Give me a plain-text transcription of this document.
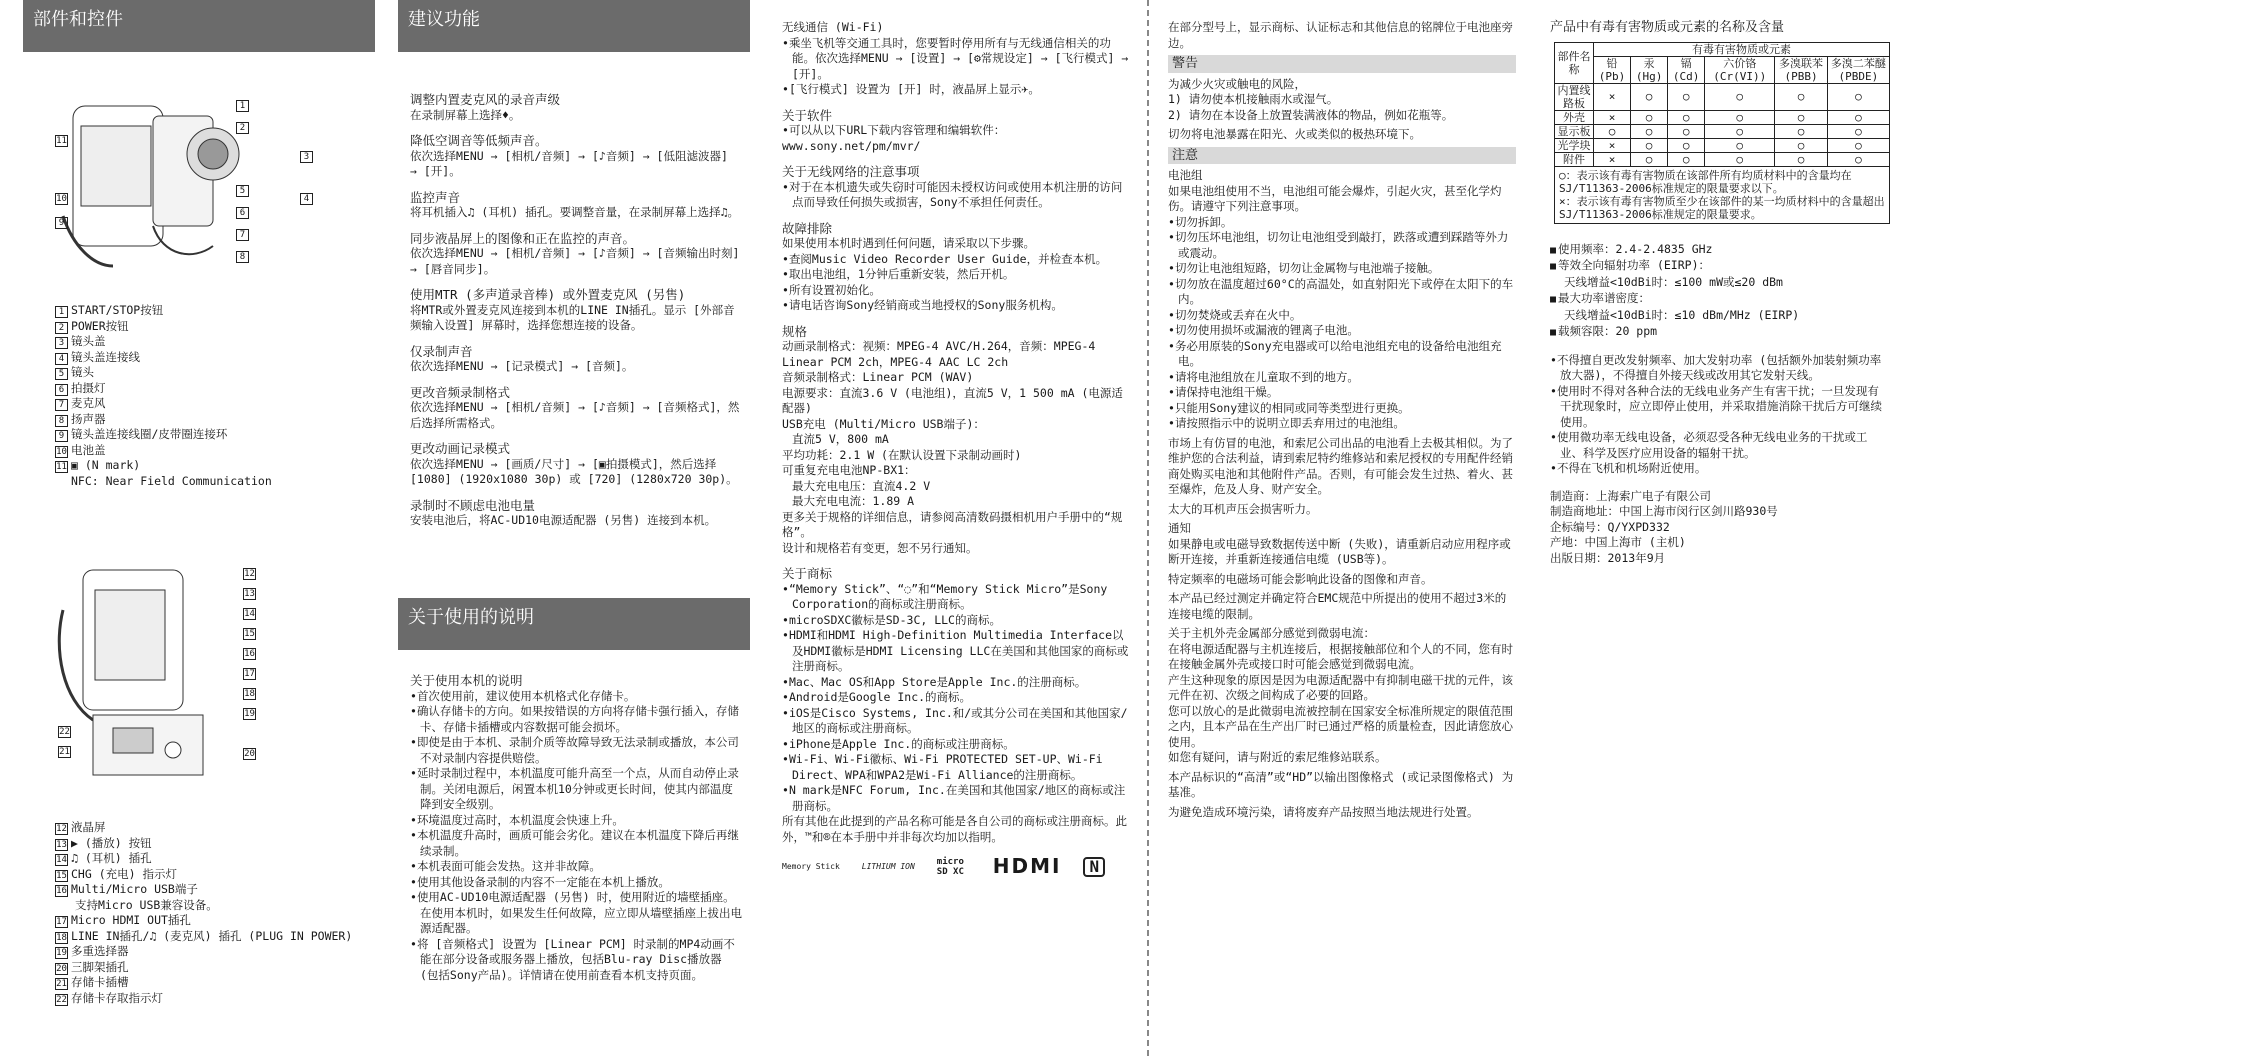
部件和控件
1
2
3
4
5
6
7
8
11
10
9
1 START/STOP按钮
2 POWER按钮
3 镜头盖
4 镜头盖连接线
5 镜头
6 拍摄灯
7 麦克风
8 扬声器
9 镜头盖连接线圈/皮带圈连接环
10 电池盖
11 ▣ (N mark)
NFC: Near Field Communication
12
13
14
15
16
17
18
19
20
22
21
12 液晶屏
13 ▶ (播放) 按钮
14 ♫ (耳机) 插孔
15 CHG (充电) 指示灯
16 Multi/Micro USB端子
支持Micro USB兼容设备。
17 Micro HDMI OUT插孔
18 LINE IN插孔/♫ (麦克风) 插孔 (PLUG IN POWER)
19 多重选择器
20 三脚架插孔
21 存储卡插槽
22 存储卡存取指示灯
建议功能
调整内置麦克风的录音声级

在录制屏幕上选择♦。

降低空调音等低频声音。

依次选择MENU → [相机/音频] → [♪音频] → [低阻滤波器] → [开]。

监控声音

将耳机插入♫ (耳机) 插孔。要调整音量，在录制屏幕上选择♫。

同步液晶屏上的图像和正在监控的声音。

依次选择MENU → [相机/音频] → [♪音频] → [音频输出时刻] → [唇音同步]。

使用MTR (多声道录音棒) 或外置麦克风 (另售)

将MTR或外置麦克风连接到本机的LINE IN插孔。显示 [外部音频输入设置] 屏幕时，选择您想连接的设备。

仅录制声音

依次选择MENU → [记录模式] → [音频]。

更改音频录制格式

依次选择MENU → [相机/音频] → [♪音频] → [音频格式]，然后选择所需格式。

更改动画记录模式

依次选择MENU → [画质/尺寸] → [▣拍摄模式]，然后选择 [1080] (1920x1080 30p) 或 [720] (1280x720 30p)。

录制时不顾虑电池电量

安装电池后，将AC-UD10电源适配器 (另售) 连接到本机。

关于使用的说明
关于使用本机的说明
• 首次使用前，建议使用本机格式化存储卡。
• 确认存储卡的方向。如果按错误的方向将存储卡强行插入，存储卡、存储卡插槽或内容数据可能会损坏。
• 即使是由于本机、录制介质等故障导致无法录制或播放，本公司不对录制内容提供赔偿。
• 延时录制过程中，本机温度可能升高至一个点，从而自动停止录制。关闭电源后，闲置本机10分钟或更长时间，使其内部温度降到安全级别。
• 环境温度过高时，本机温度会快速上升。
• 本机温度升高时，画质可能会劣化。建议在本机温度下降后再继续录制。
• 本机表面可能会发热。这并非故障。
• 使用其他设备录制的内容不一定能在本机上播放。
• 使用AC-UD10电源适配器 (另售) 时，使用附近的墙壁插座。在使用本机时，如果发生任何故障，应立即从墙壁插座上拔出电源适配器。
• 将 [音频格式] 设置为 [Linear PCM] 时录制的MP4动画不能在部分设备或服务器上播放，包括Blu-ray Disc播放器 (包括Sony产品)。详情请在使用前查看本机支持页面。
无线通信 (Wi-Fi)
• 乘坐飞机等交通工具时，您要暂时停用所有与无线通信相关的功能。依次选择MENU → [设置] → [⚙常规设定] → [飞行模式] → [开]。
• [飞行模式] 设置为 [开] 时，液晶屏上显示✈。
关于软件
• 可以从以下URL下载内容管理和编辑软件：

www.sony.net/pm/mvr/

关于无线网络的注意事项
• 对于在本机遗失或失窃时可能因未授权访问或使用本机注册的访问点而导致任何损失或损害，Sony不承担任何责任。
故障排除

如果使用本机时遇到任何问题，请采取以下步骤。

• 查阅Music Video Recorder User Guide，并检查本机。
• 取出电池组，1分钟后重新安装，然后开机。
• 所有设置初始化。
• 请电话咨询Sony经销商或当地授权的Sony服务机构。
规格

动画录制格式：视频：MPEG-4 AVC/H.264，音频：MPEG-4 Linear PCM 2ch，MPEG-4 AAC LC 2ch

音频录制格式：Linear PCM (WAV)

电源要求：直流3.6 V (电池组)，直流5 V，1 500 mA (电源适配器)

USB充电 (Multi/Micro USB端子)：

直流5 V，800 mA

平均功耗：2.1 W (在默认设置下录制动画时)

可重复充电电池NP-BX1：

最大充电电压：直流4.2 V

最大充电电流：1.89 A

更多关于规格的详细信息，请参阅高清数码摄相机用户手册中的“规格”。

设计和规格若有变更，恕不另行通知。

关于商标
• “Memory Stick”、“◌”和“Memory Stick Micro”是Sony Corporation的商标或注册商标。
• microSDXC徽标是SD-3C, LLC的商标。
• HDMI和HDMI High-Definition Multimedia Interface以及HDMI徽标是HDMI Licensing LLC在美国和其他国家的商标或注册商标。
• Mac、Mac OS和App Store是Apple Inc.的注册商标。
• Android是Google Inc.的商标。
• iOS是Cisco Systems, Inc.和/或其分公司在美国和其他国家/地区的商标或注册商标。
• iPhone是Apple Inc.的商标或注册商标。
• Wi-Fi、Wi-Fi徽标、Wi-Fi PROTECTED SET-UP、Wi-Fi Direct、WPA和WPA2是Wi-Fi Alliance的注册商标。
• N mark是NFC Forum, Inc.在美国和其他国家/地区的商标或注册商标。

所有其他在此提到的产品名称可能是各自公司的商标或注册商标。此外，™和®在本手册中并非每次均加以指明。

Memory Stick	LITHIUM ION micro SD XC	HDMI	N

在部分型号上，显示商标、认证标志和其他信息的铭牌位于电池座旁边。

警告

为减少火灾或触电的风险，

1) 请勿使本机接触雨水或湿气。

2) 请勿在本设备上放置装满液体的物品，例如花瓶等。

切勿将电池暴露在阳光、火或类似的极热环境下。

注意
电池组

如果电池组使用不当，电池组可能会爆炸，引起火灾，甚至化学灼伤。请遵守下列注意事项。

• 切勿拆卸。
• 切勿压坏电池组，切勿让电池组受到敲打，跌落或遭到踩踏等外力或震动。
• 切勿让电池组短路，切勿让金属物与电池端子接触。
• 切勿放在温度超过60°C的高温处，如直射阳光下或停在太阳下的车内。
• 切勿焚烧或丢弃在火中。
• 切勿使用损坏或漏液的锂离子电池。
• 务必用原装的Sony充电器或可以给电池组充电的设备给电池组充电。
• 请将电池组放在儿童取不到的地方。
• 请保持电池组干燥。
• 只能用Sony建议的相同或同等类型进行更换。
• 请按照指示中的说明立即丢弃用过的电池组。

市场上有仿冒的电池，和索尼公司出品的电池看上去极其相似。为了维护您的合法利益，请到索尼特约维修站和索尼授权的专用配件经销商处购买电池和其他附件产品。否则，有可能会发生过热、着火、甚至爆炸，危及人身、财产安全。

太大的耳机声压会损害听力。

通知

如果静电或电磁导致数据传送中断 (失败)，请重新启动应用程序或断开连接，并重新连接通信电缆 (USB等)。

特定频率的电磁场可能会影响此设备的图像和声音。

本产品已经过测定并确定符合EMC规范中所提出的使用不超过3米的连接电缆的限制。

关于主机外壳金属部分感觉到微弱电流：

在将电源适配器与主机连接后，根据接触部位和个人的不同，您有时在接触金属外壳或接口时可能会感觉到微弱电流。

产生这种现象的原因是因为电源适配器中有抑制电磁干扰的元件，该元件在初、次级之间构成了必要的回路。

您可以放心的是此微弱电流被控制在国家安全标准所规定的限值范围之内，且本产品在生产出厂时已通过严格的质量检查，因此请您放心使用。

如您有疑问，请与附近的索尼维修站联系。

本产品标识的“高清”或“HD”以输出图像格式 (或记录图像格式) 为基准。

为避免造成环境污染，请将废弃产品按照当地法规进行处置。

产品中有毒有害物质或元素的名称及含量
部件名称	有毒有害物质或元素					
	铅 (Pb)	汞 (Hg)	镉 (Cd)	六价铬 (Cr(VI))	多溴联苯 (PBB)	多溴二苯醚 (PBDE)
内置线路板	×	○	○	○	○	○
外壳	×	○	○	○	○	○
显示板	○	○	○	○	○	○
光学块	×	○	○	○	○	○
附件	×	○	○	○	○	○

○：表示该有毒有害物质在该部件所有均质材料中的含量均在SJ/T11363-2006标准规定的限量要求以下。
×：表示该有毒有害物质至少在该部件的某一均质材料中的含量超出SJ/T11363-2006标准规定的限量要求。						
■ 使用频率：2.4-2.4835 GHz
■ 等效全向辐射功率 (EIRP)：
天线增益<10dBi时：≤100 mW或≤20 dBm
■ 最大功率谱密度：
天线增益<10dBi时：≤10 dBm/MHz (EIRP)
■ 载频容限：20 ppm
• 不得擅自更改发射频率、加大发射功率 (包括额外加装射频功率放大器)，不得擅自外接天线或改用其它发射天线。
• 使用时不得对各种合法的无线电业务产生有害干扰；一旦发现有干扰现象时，应立即停止使用，并采取措施消除干扰后方可继续使用。
• 使用微功率无线电设备，必须忍受各种无线电业务的干扰或工业、科学及医疗应用设备的辐射干扰。
• 不得在飞机和机场附近使用。

制造商：上海索广电子有限公司

制造商地址：中国上海市闵行区剑川路930号

企标编号：Q/YXPD332

产地：中国上海市 (主机)

出版日期：2013年9月
